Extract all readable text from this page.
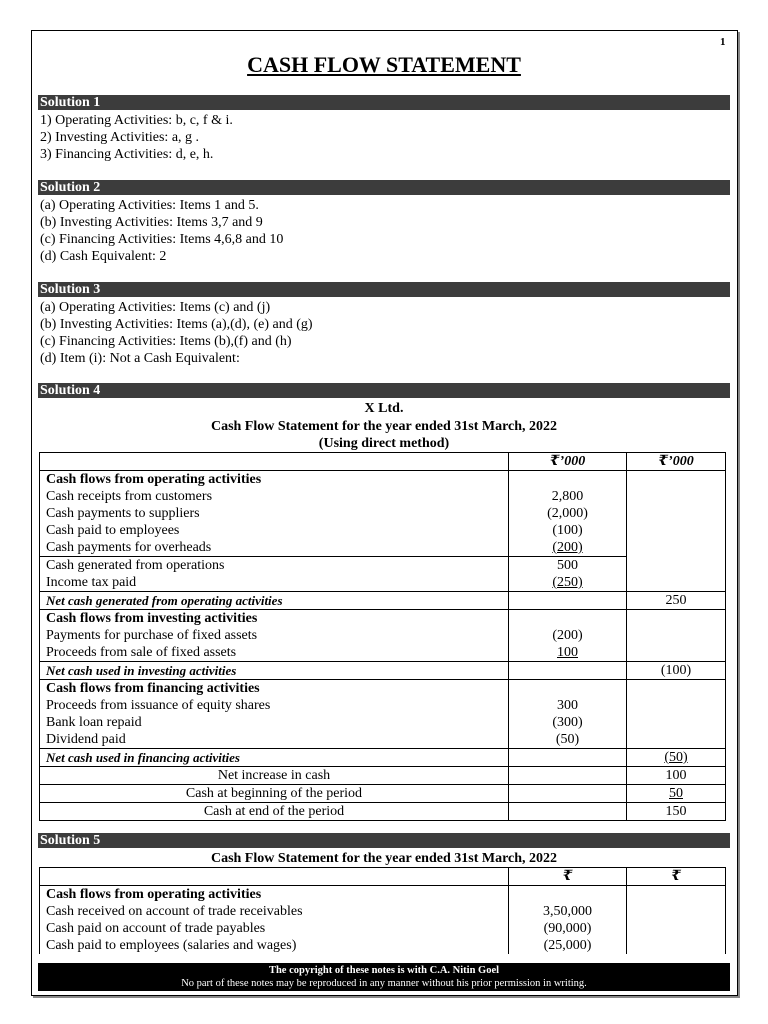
1
CASH FLOW STATEMENT
Solution 1
1) Operating Activities: b, c, f & i.
2) Investing Activities: a, g .
3) Financing Activities: d, e, h.
Solution 2
(a) Operating Activities: Items 1 and 5.
(b) Investing Activities: Items 3,7 and 9
(c) Financing Activities: Items 4,6,8 and 10
(d) Cash Equivalent: 2
Solution 3
(a) Operating Activities: Items (c) and (j)
(b) Investing Activities: Items (a),(d), (e) and (g)
(c) Financing Activities: Items (b),(f) and (h)
(d) Item (i): Not a Cash Equivalent:
Solution 4
X Ltd.
Cash Flow Statement for the year ended 31st March, 2022
(Using direct method)
	₹’000	₹’000
Cash flows from operating activities		
Cash receipts from customers	2,800	
Cash payments to suppliers	(2,000)	
Cash paid to employees	(100)	
Cash payments for overheads	(200)	
Cash generated from operations	500	
Income tax paid	(250)	
Net cash generated from operating activities		250
Cash flows from investing activities		
Payments for purchase of fixed assets	(200)	
Proceeds from sale of fixed assets	100	
Net cash used in investing activities		(100)
Cash flows from financing activities		
Proceeds from issuance of equity shares	300	
Bank loan repaid	(300)	
Dividend paid	(50)	
Net cash used in financing activities		(50)
Net increase in cash		100
Cash at beginning of the period		50
Cash at end of the period		150
Solution 5
Cash Flow Statement for the year ended 31st March, 2022
	₹	₹
Cash flows from operating activities		
Cash received on account of trade receivables	3,50,000	
Cash paid on account of trade payables	(90,000)	
Cash paid to employees (salaries and wages)	(25,000)	
The copyright of these notes is with C.A. Nitin Goel
No part of these notes may be reproduced in any manner without his prior permission in writing.
